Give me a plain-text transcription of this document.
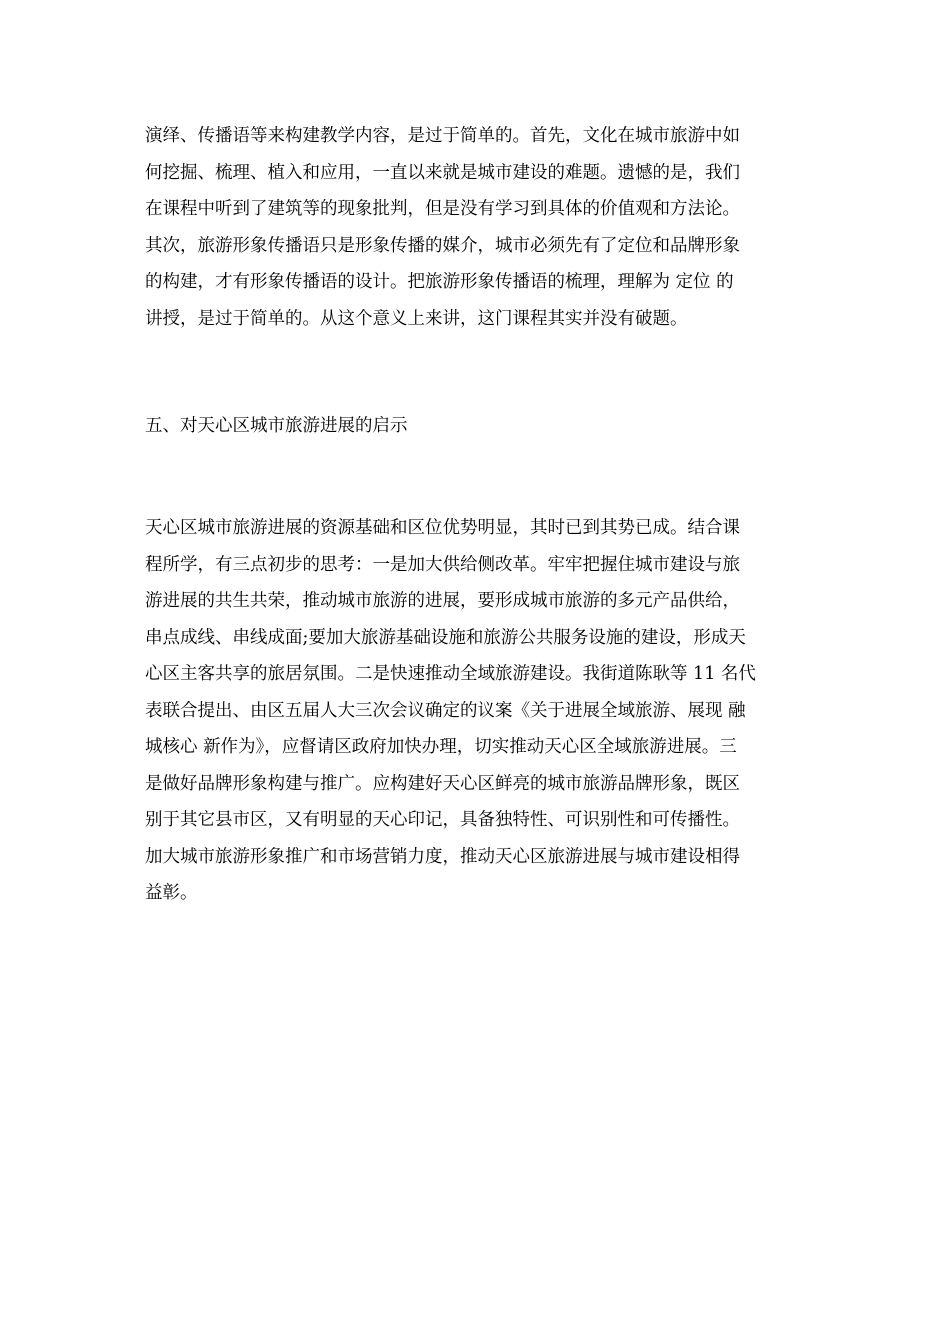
演绎、传播语等来构建教学内容，是过于简单的。首先，文化在城市旅游中如
何挖掘、梳理、植入和应用，一直以来就是城市建设的难题。遗憾的是，我们
在课程中听到了建筑等的现象批判，但是没有学习到具体的价值观和方法论。
其次，旅游形象传播语只是形象传播的媒介，城市必须先有了定位和品牌形象
的构建，才有形象传播语的设计。把旅游形象传播语的梳理，理解为 定位 的
讲授，是过于简单的。从这个意义上来讲，这门课程其实并没有破题。
五、对天心区城市旅游进展的启示
天心区城市旅游进展的资源基础和区位优势明显，其时已到其势已成。结合课
程所学，有三点初步的思考：一是加大供给侧改革。牢牢把握住城市建设与旅
游进展的共生共荣，推动城市旅游的进展，要形成城市旅游的多元产品供给，
串点成线、串线成面;要加大旅游基础设施和旅游公共服务设施的建设，形成天
心区主客共享的旅居氛围。二是快速推动全域旅游建设。我街道陈耿等 11 名代
表联合提出、由区五届人大三次会议确定的议案《关于进展全域旅游、展现 融
城核心 新作为》，应督请区政府加快办理，切实推动天心区全域旅游进展。三
是做好品牌形象构建与推广。应构建好天心区鲜亮的城市旅游品牌形象，既区
别于其它县市区，又有明显的天心印记，具备独特性、可识别性和可传播性。
加大城市旅游形象推广和市场营销力度，推动天心区旅游进展与城市建设相得
益彰。
